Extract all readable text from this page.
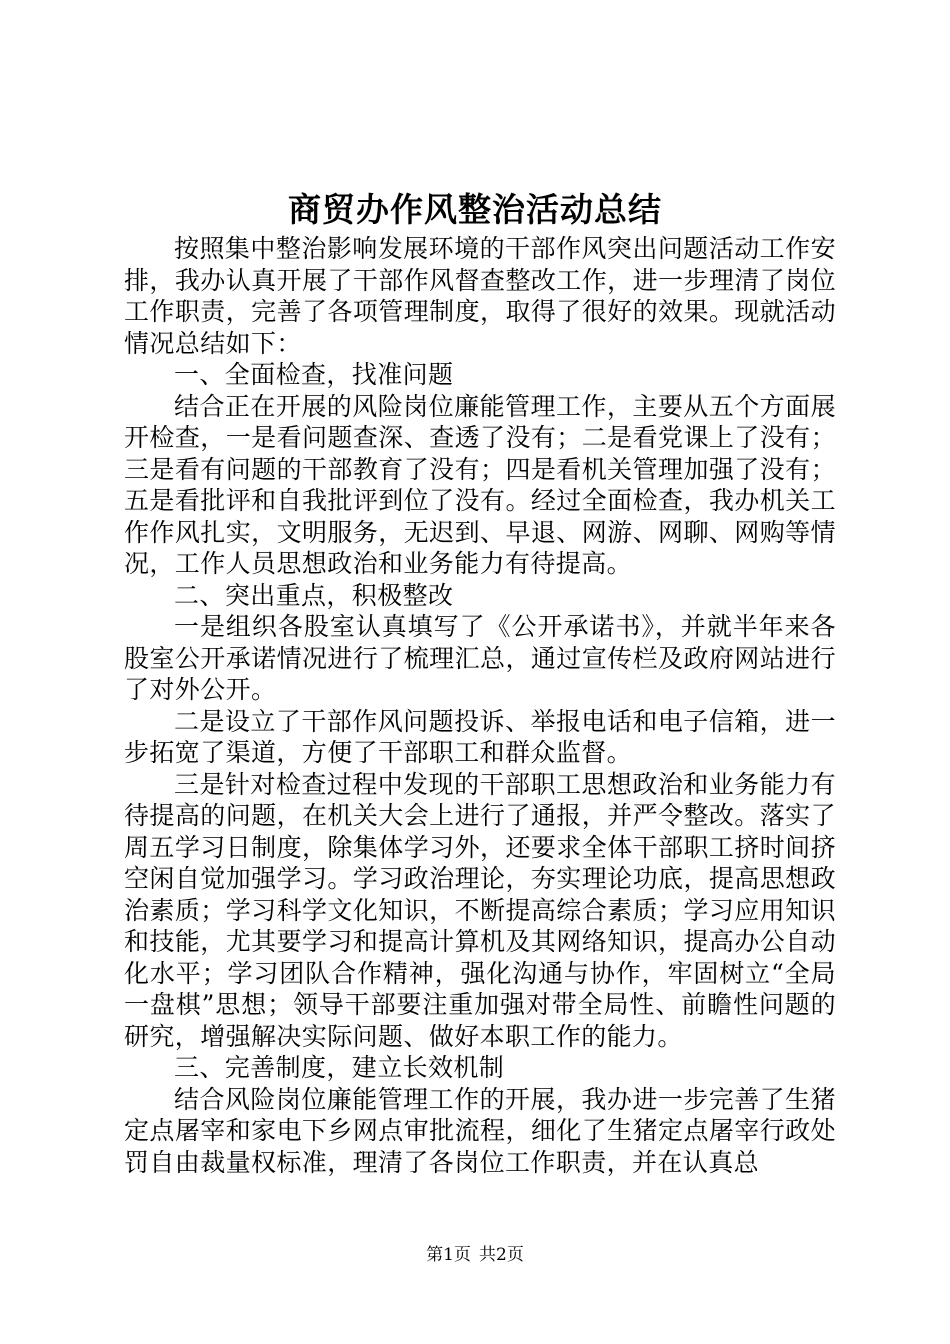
商贸办作风整治活动总结

按照集中整治影响发展环境的干部作风突出问题活动工作安排，我办认真开展了干部作风督查整改工作，进一步理清了岗位工作职责，完善了各项管理制度，取得了很好的效果。现就活动情况总结如下：

一、全面检查，找准问题

结合正在开展的风险岗位廉能管理工作，主要从五个方面展开检查，一是看问题查深、查透了没有；二是看党课上了没有；三是看有问题的干部教育了没有；四是看机关管理加强了没有；五是看批评和自我批评到位了没有。经过全面检查，我办机关工作作风扎实，文明服务，无迟到、早退、网游、网聊、网购等情况，工作人员思想政治和业务能力有待提高。

二、突出重点，积极整改

一是组织各股室认真填写了《公开承诺书》，并就半年来各股室公开承诺情况进行了梳理汇总，通过宣传栏及政府网站进行了对外公开。

二是设立了干部作风问题投诉、举报电话和电子信箱，进一步拓宽了渠道，方便了干部职工和群众监督。

三是针对检查过程中发现的干部职工思想政治和业务能力有待提高的问题，在机关大会上进行了通报，并严令整改。落实了周五学习日制度，除集体学习外，还要求全体干部职工挤时间挤空闲自觉加强学习。学习政治理论，夯实理论功底，提高思想政治素质；学习科学文化知识，不断提高综合素质；学习应用知识和技能，尤其要学习和提高计算机及其网络知识，提高办公自动化水平；学习团队合作精神，强化沟通与协作，牢固树立“全局一盘棋”思想；领导干部要注重加强对带全局性、前瞻性问题的研究，增强解决实际问题、做好本职工作的能力。

三、完善制度，建立长效机制

结合风险岗位廉能管理工作的开展，我办进一步完善了生猪定点屠宰和家电下乡网点审批流程，细化了生猪定点屠宰行政处罚自由裁量权标准，理清了各岗位工作职责，并在认真总

第1页 共2页
